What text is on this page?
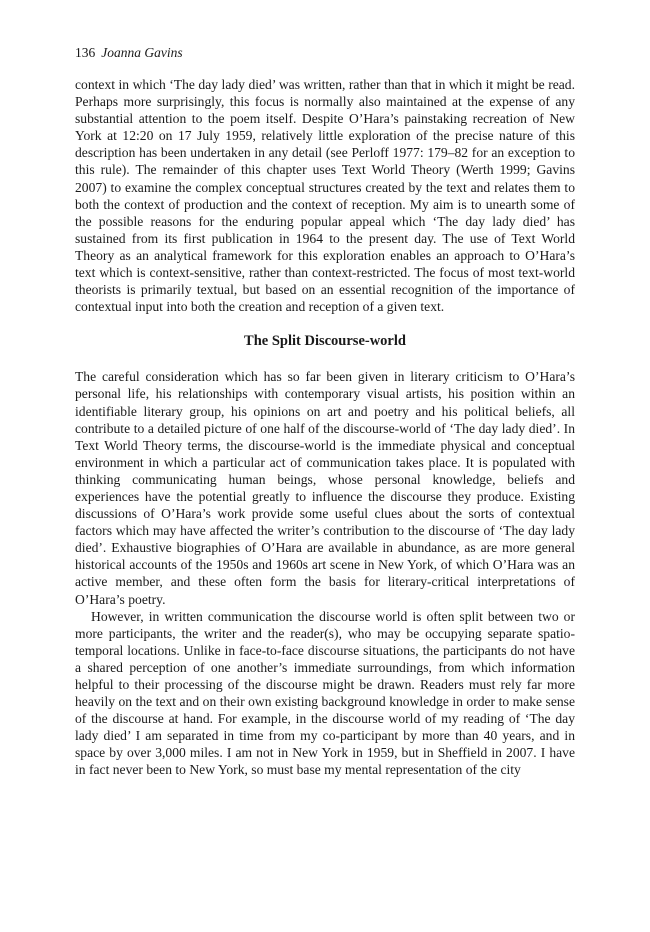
136 Joanna Gavins

context in which ‘The day lady died’ was written, rather than that in which it might be read. Perhaps more surprisingly, this focus is normally also maintained at the expense of any substantial attention to the poem itself. Despite O’Hara’s painstaking recreation of New York at 12:20 on 17 July 1959, relatively little exploration of the precise nature of this description has been undertaken in any detail (see Perloff 1977: 179–82 for an exception to this rule). The remainder of this chapter uses Text World Theory (Werth 1999; Gavins 2007) to examine the complex conceptual structures created by the text and relates them to both the context of production and the context of reception. My aim is to unearth some of the possible reasons for the enduring popular appeal which ‘The day lady died’ has sustained from its first publication in 1964 to the present day. The use of Text World Theory as an analytical framework for this exploration enables an approach to O’Hara’s text which is context-sensitive, rather than context-restricted. The focus of most text-world theorists is primarily textual, but based on an essential recognition of the importance of contextual input into both the creation and reception of a given text.

The Split Discourse-world

The careful consideration which has so far been given in literary criticism to O’Hara’s personal life, his relationships with contemporary visual artists, his position within an identifiable literary group, his opinions on art and poetry and his political beliefs, all contribute to a detailed picture of one half of the discourse-world of ‘The day lady died’. In Text World Theory terms, the discourse-world is the immediate physical and conceptual environment in which a particular act of communication takes place. It is populated with thinking communicating human beings, whose personal knowledge, beliefs and experiences have the potential greatly to influence the discourse they produce. Existing discussions of O’Hara’s work provide some useful clues about the sorts of contextual factors which may have affected the writer’s contribution to the discourse of ‘The day lady died’. Exhaustive biographies of O’Hara are available in abundance, as are more general historical accounts of the 1950s and 1960s art scene in New York, of which O’Hara was an active member, and these often form the basis for literary-critical interpretations of O’Hara’s poetry.

However, in written communication the discourse world is often split between two or more participants, the writer and the reader(s), who may be occupying separate spatio-temporal locations. Unlike in face-to-face discourse situations, the participants do not have a shared perception of one another’s immediate surroundings, from which information helpful to their processing of the discourse might be drawn. Readers must rely far more heavily on the text and on their own existing background knowledge in order to make sense of the discourse at hand. For example, in the discourse world of my reading of ‘The day lady died’ I am separated in time from my co-participant by more than 40 years, and in space by over 3,000 miles. I am not in New York in 1959, but in Sheffield in 2007. I have in fact never been to New York, so must base my mental representation of the city
